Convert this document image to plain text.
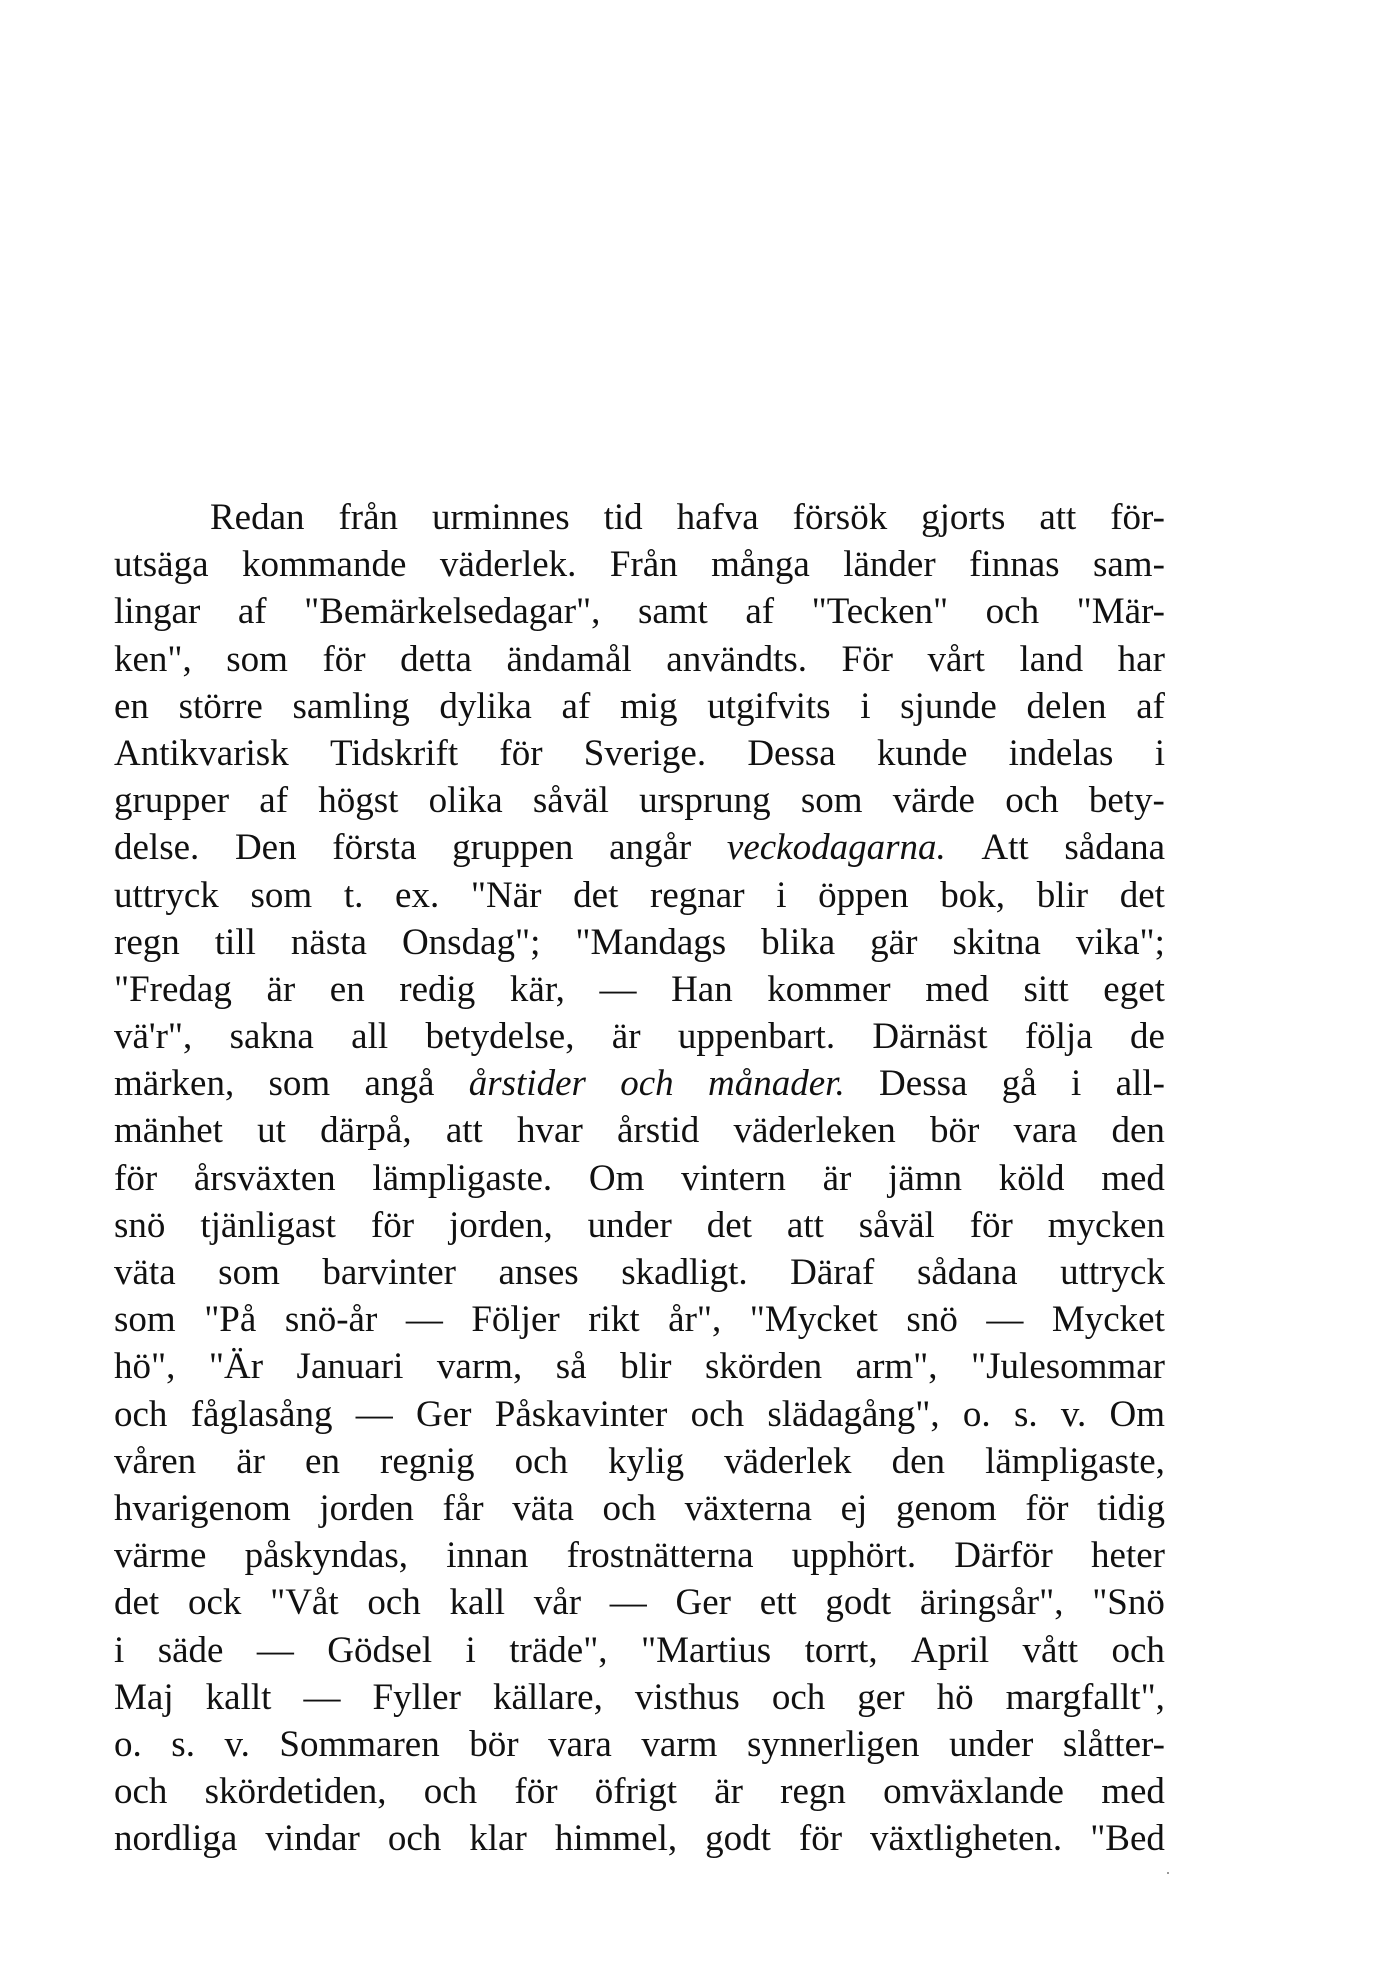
Redan från urminnes tid hafva försök gjorts att för-
utsäga kommande väderlek. Från många länder finnas sam-
lingar af "Bemärkelsedagar", samt af "Tecken" och "Mär-
ken", som för detta ändamål användts. För vårt land har
en större samling dylika af mig utgifvits i sjunde delen af
Antikvarisk Tidskrift för Sverige. Dessa kunde indelas i
grupper af högst olika såväl ursprung som värde och bety-
delse. Den första gruppen angår veckodagarna. Att sådana
uttryck som t. ex. "När det regnar i öppen bok, blir det
regn till nästa Onsdag"; "Mandags blika gär skitna vika";
"Fredag är en redig kär, — Han kommer med sitt eget
vä'r", sakna all betydelse, är uppenbart. Därnäst följa de
märken, som angå årstider och månader. Dessa gå i all-
mänhet ut därpå, att hvar årstid väderleken bör vara den
för årsväxten lämpligaste. Om vintern är jämn köld med
snö tjänligast för jorden, under det att såväl för mycken
väta som barvinter anses skadligt. Däraf sådana uttryck
som "På snö-år — Följer rikt år", "Mycket snö — Mycket
hö", "Är Januari varm, så blir skörden arm", "Julesommar
och fåglasång — Ger Påskavinter och slädagång", o. s. v. Om
våren är en regnig och kylig väderlek den lämpligaste,
hvarigenom jorden får väta och växterna ej genom för tidig
värme påskyndas, innan frostnätterna upphört. Därför heter
det ock "Våt och kall vår — Ger ett godt äringsår", "Snö
i säde — Gödsel i träde", "Martius torrt, April vått och
Maj kallt — Fyller källare, visthus och ger hö margfallt",
o. s. v. Sommaren bör vara varm synnerligen under slåtter-
och skördetiden, och för öfrigt är regn omväxlande med
nordliga vindar och klar himmel, godt för växtligheten. "Bed
